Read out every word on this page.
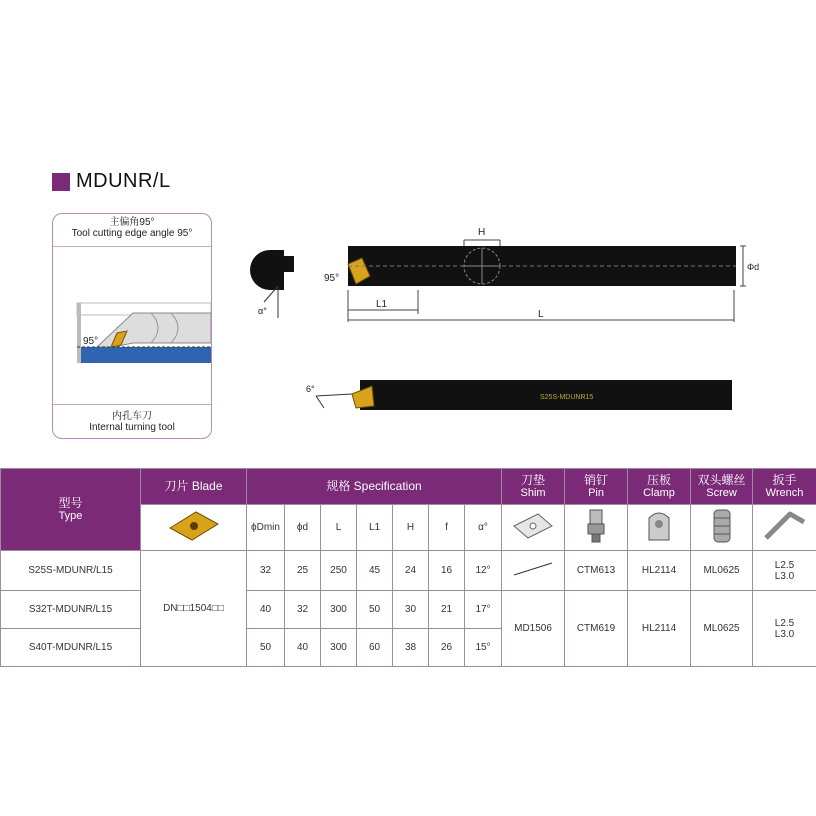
MDUNR/L
主偏角95°
Tool cutting edge angle 95°
95°
内孔车刀
Internal turning tool
α°
H
95°
Φd
L1
L
6°
S25S-MDUNR15
型号
Type	刀片 Blade	规格 Specification							刀垫
Shim	销钉
Pin	压板
Clamp	双头螺丝
Screw	扳手
Wrench

	ϕDmin	ϕd	L	L1	H	f	α°					
S25S-MDUNR/L15	DN□□1504□□	32	25	250	45	24	16	12°		CTM613	HL2114	ML0625	L2.5
L3.0

S32T-MDUNR/L15		40	32	300	50	30	21	17°	MD1506	CTM619	HL2114	ML0625	L2.5
L3.0

S40T-MDUNR/L15		50	40	300	60	38	26	15°					
